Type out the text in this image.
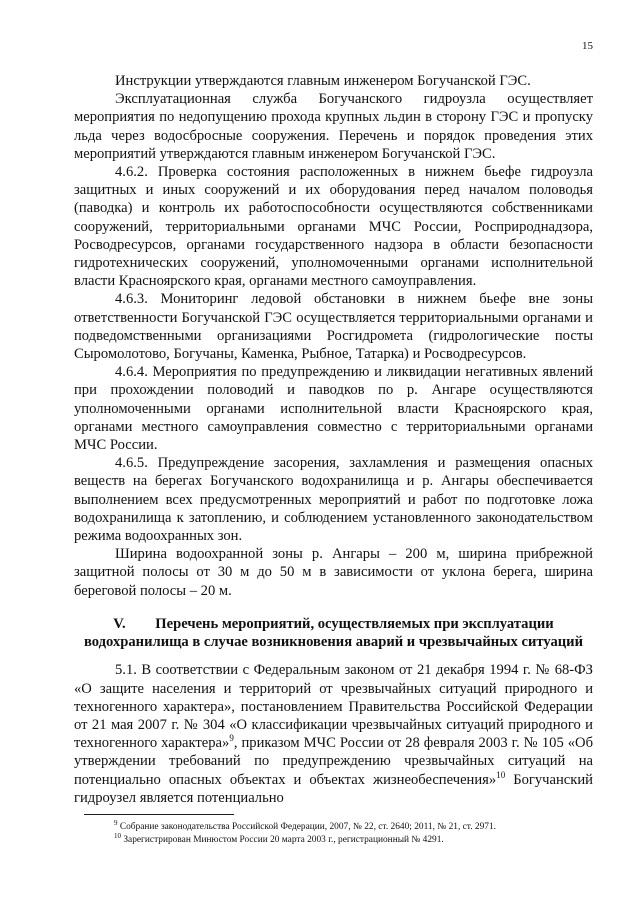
15

Инструкции утверждаются главным инженером Богучанской ГЭС.

Эксплуатационная служба Богучанского гидроузла осуществляет мероприятия по недопущению прохода крупных льдин в сторону ГЭС и пропуску льда через водосбросные сооружения. Перечень и порядок проведения этих мероприятий утверждаются главным инженером Богучанской ГЭС.

4.6.2. Проверка состояния расположенных в нижнем бьефе гидроузла защитных и иных сооружений и их оборудования перед началом половодья (паводка) и контроль их работоспособности осуществляются собственниками сооружений, территориальными органами МЧС России, Росприроднадзора, Росводресурсов, органами государственного надзора в области безопасности гидротехнических сооружений, уполномоченными органами исполнительной власти Красноярского края, органами местного самоуправления.

4.6.3. Мониторинг ледовой обстановки в нижнем бьефе вне зоны ответственности Богучанской ГЭС осуществляется территориальными органами и подведомственными организациями Росгидромета (гидрологические посты Сыромолотово, Богучаны, Каменка, Рыбное, Татарка) и Росводресурсов.

4.6.4. Мероприятия по предупреждению и ликвидации негативных явлений при прохождении половодий и паводков по р. Ангаре осуществляются уполномоченными органами исполнительной власти Красноярского края, органами местного самоуправления совместно с территориальными органами МЧС России.

4.6.5. Предупреждение засорения, захламления и размещения опасных веществ на берегах Богучанского водохранилища и р. Ангары обеспечивается выполнением всех предусмотренных мероприятий и работ по подготовке ложа водохранилища к затоплению, и соблюдением установленного законодательством режима водоохранных зон.

Ширина водоохранной зоны р. Ангары – 200 м, ширина прибрежной защитной полосы от 30 м до 50 м в зависимости от уклона берега, ширина береговой полосы – 20 м.

V. Перечень мероприятий, осуществляемых при эксплуатации
водохранилища в случае возникновения аварий и чрезвычайных ситуаций

5.1. В соответствии с Федеральным законом от 21 декабря 1994 г. № 68-ФЗ «О защите населения и территорий от чрезвычайных ситуаций природного и техногенного характера», постановлением Правительства Российской Федерации от 21 мая 2007 г. № 304 «О классификации чрезвычайных ситуаций природного и техногенного характера»$^9$, приказом МЧС России от 28 февраля 2003 г. № 105 «Об утверждении требований по предупреждению чрезвычайных ситуаций на потенциально опасных объектах и объектах жизнеобеспечения»$^{10}$ Богучанский гидроузел является потенциально

$^9$ Собрание законодательства Российской Федерации, 2007, № 22, ст. 2640; 2011, № 21, ст. 2971.
$^{10}$ Зарегистрирован Минюстом России 20 марта 2003 г., регистрационный № 4291.
